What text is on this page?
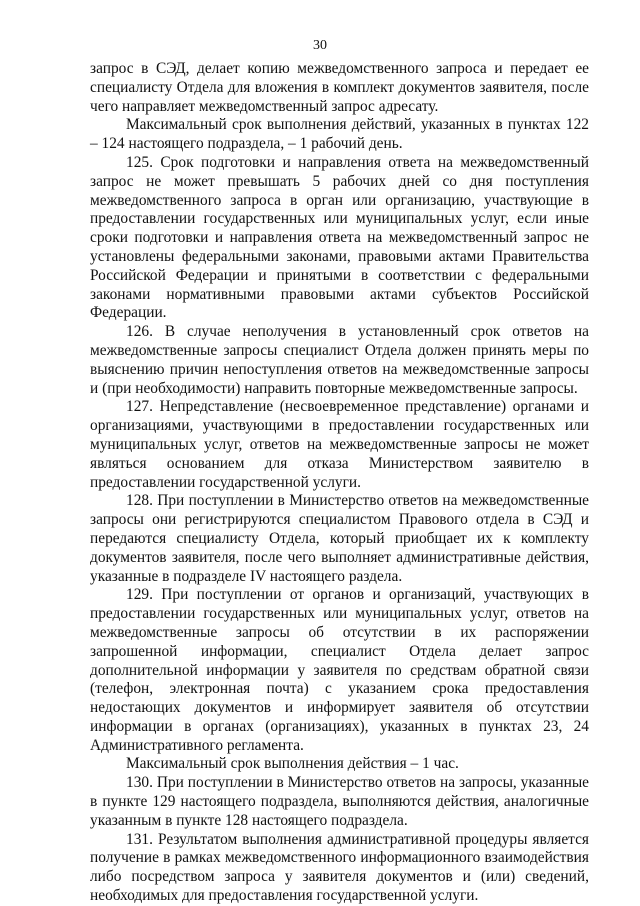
30

запрос в СЭД, делает копию межведомственного запроса и передает ее специалисту Отдела для вложения в комплект документов заявителя, после чего направляет межведомственный запрос адресату.

Максимальный срок выполнения действий, указанных в пунктах 122 – 124 настоящего подраздела, – 1 рабочий день.

125. Срок подготовки и направления ответа на межведомственный запрос не может превышать 5 рабочих дней со дня поступления межведомственного запроса в орган или организацию, участвующие в предоставлении государственных или муниципальных услуг, если иные сроки подготовки и направления ответа на межведомственный запрос не установлены федеральными законами, правовыми актами Правительства Российской Федерации и принятыми в соответствии с федеральными законами нормативными правовыми актами субъектов Российской Федерации.

126. В случае неполучения в установленный срок ответов на межведомственные запросы специалист Отдела должен принять меры по выяснению причин непоступления ответов на межведомственные запросы и (при необходимости) направить повторные межведомственные запросы.

127. Непредставление (несвоевременное представление) органами и организациями, участвующими в предоставлении государственных или муниципальных услуг, ответов на межведомственные запросы не может являться основанием для отказа Министерством заявителю в предоставлении государственной услуги.

128. При поступлении в Министерство ответов на межведомственные запросы они регистрируются специалистом Правового отдела в СЭД и передаются специалисту Отдела, который приобщает их к комплекту документов заявителя, после чего выполняет административные действия, указанные в подразделе IV настоящего раздела.

129. При поступлении от органов и организаций, участвующих в предоставлении государственных или муниципальных услуг, ответов на межведомственные запросы об отсутствии в их распоряжении запрошенной информации, специалист Отдела делает запрос дополнительной информации у заявителя по средствам обратной связи (телефон, электронная почта) с указанием срока предоставления недостающих документов и информирует заявителя об отсутствии информации в органах (организациях), указанных в пунктах 23, 24 Административного регламента.

Максимальный срок выполнения действия – 1 час.

130. При поступлении в Министерство ответов на запросы, указанные в пункте 129 настоящего подраздела, выполняются действия, аналогичные указанным в пункте 128 настоящего подраздела.

131. Результатом выполнения административной процедуры является получение в рамках межведомственного информационного взаимодействия либо посредством запроса у заявителя документов и (или) сведений, необходимых для предоставления государственной услуги.
